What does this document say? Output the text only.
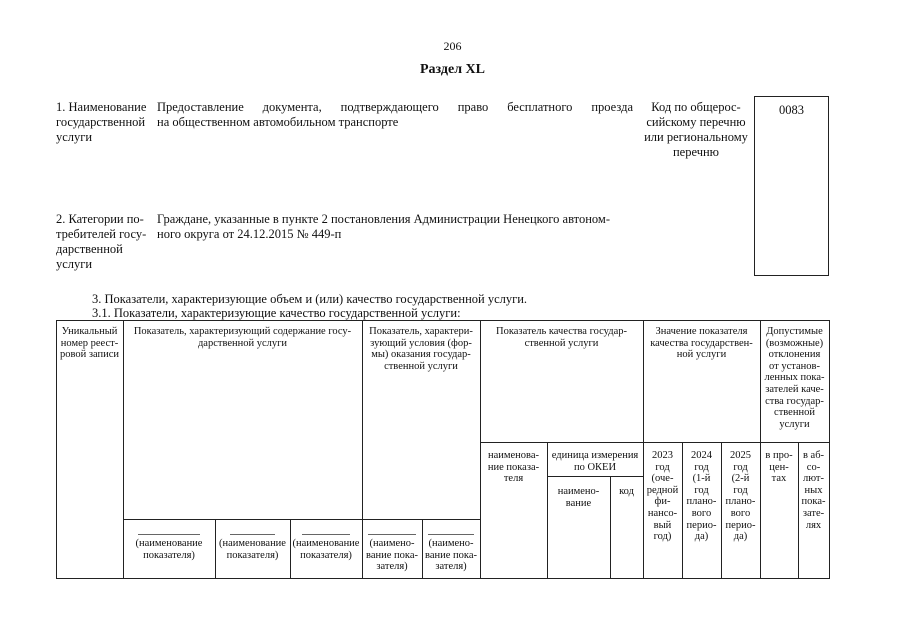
206
Раздел XL
1. Наименование
государственной
услуги
Предоставление документа, подтверждающего право бесплатного проезда
на общественном автомобильном транспорте
Код по общерос-
сийскому перечню
или региональному
перечню
0083
2. Категории по-
требителей госу-
дарственной
услуги
Граждане, указанные в пункте 2 постановления Администрации Ненецкого автоном-
ного округа от 24.12.2015 № 449-п
3. Показатели, характеризующие объем и (или) качество государственной услуги.
3.1. Показатели, характеризующие качество государственной услуги:
Уникальный
номер реест-
ровой записи
Показатель, характеризующий содержание госу-
дарственной услуги
Показатель, характери-
зующий условия (фор-
мы) оказания государ-
ственной услуги
Показатель качества государ-
ственной услуги
Значение показателя
качества государствен-
ной услуги
Допустимые
(возможные)
отклонения
от установ-
ленных пока-
зателей каче-
ства государ-
ственной
услуги
наименова-
ние показа-
теля
единица измерения
по ОКЕИ
наимено-
вание
код
2023
год
(оче-
редной
фи-
нансо-
вый
год)
2024
год
(1-й
год
плано-
вого
перио-
да)
2025
год
(2-й
год
плано-
вого
перио-
да)
в про-
цен-
тах
в аб-
со-
лют-
ных
пока-
зате-
лях
(наименование
показателя)
(наименование
показателя)
(наименование
показателя)
(наимено-
вание пока-
зателя)
(наимено-
вание пока-
зателя)
